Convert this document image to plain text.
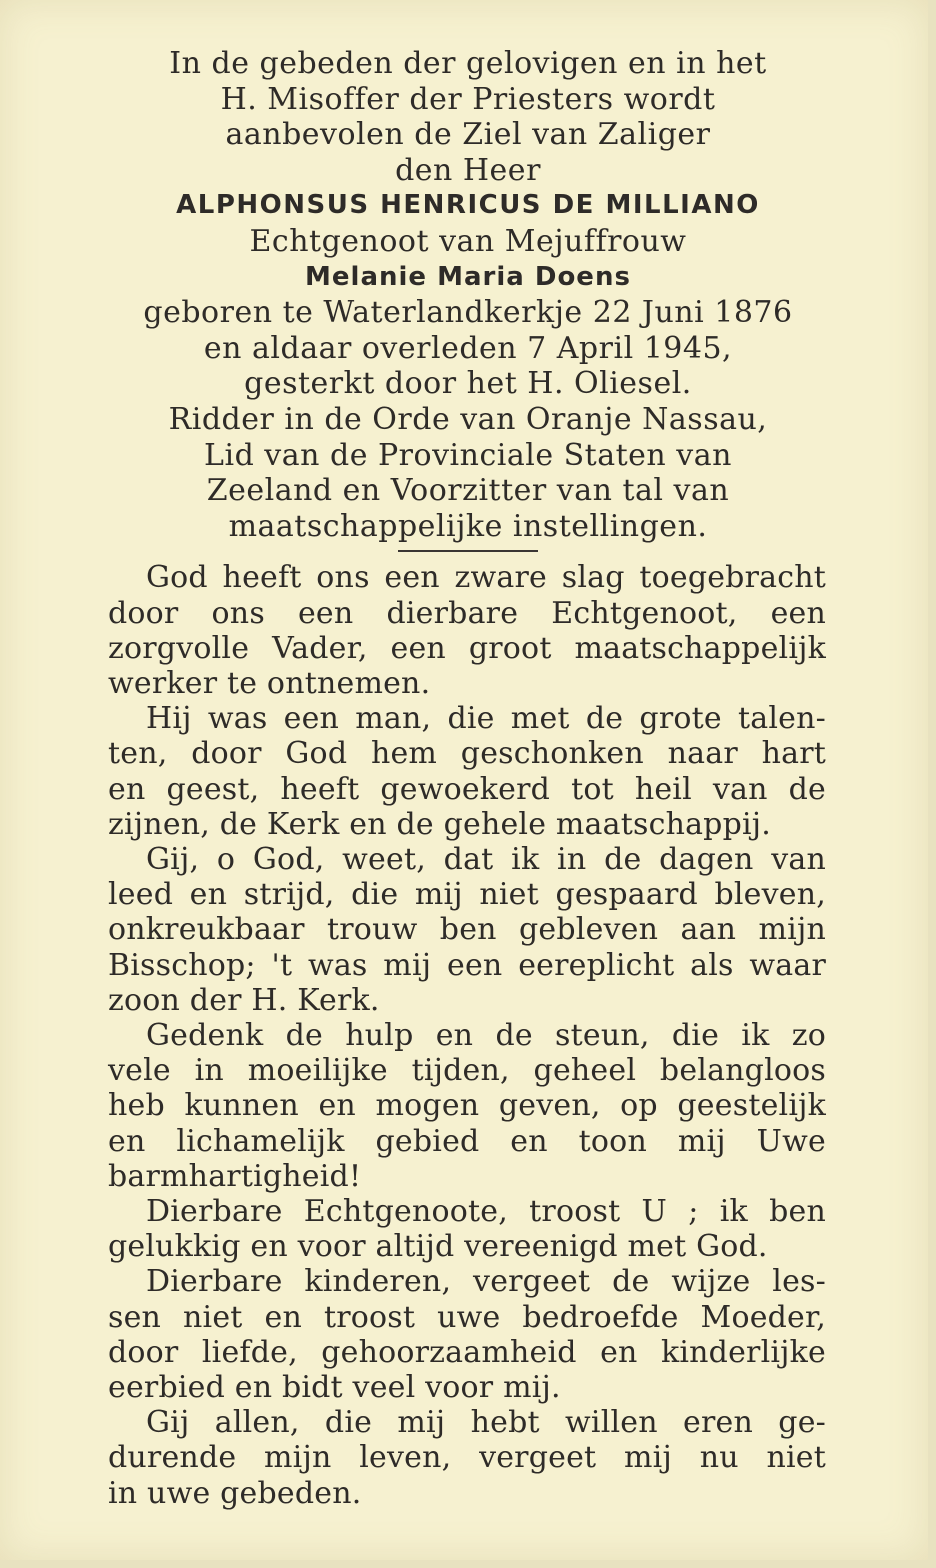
In de gebeden der gelovigen en in het
H. Misoffer der Priesters wordt
aanbevolen de Ziel van Zaliger
den Heer
ALPHONSUS HENRICUS DE MILLIANO
Echtgenoot van Mejuffrouw
Melanie Maria Doens
geboren te Waterlandkerkje 22 Juni 1876
en aldaar overleden 7 April 1945,
gesterkt door het H. Oliesel.
Ridder in de Orde van Oranje Nassau,
Lid van de Provinciale Staten van
Zeeland en Voorzitter van tal van
maatschappelijke instellingen.

God heeft ons een zware slag toegebracht
door ons een dierbare Echtgenoot, een
zorgvolle Vader, een groot maatschappelijk
werker te ontnemen.

Hij was een man, die met de grote talen-
ten, door God hem geschonken naar hart
en geest, heeft gewoekerd tot heil van de
zijnen, de Kerk en de gehele maatschappij.

Gij, o God, weet, dat ik in de dagen van
leed en strijd, die mij niet gespaard bleven,
onkreukbaar trouw ben gebleven aan mijn
Bisschop; 't was mij een eereplicht als waar
zoon der H. Kerk.

Gedenk de hulp en de steun, die ik zo
vele in moeilijke tijden, geheel belangloos
heb kunnen en mogen geven, op geestelijk
en lichamelijk gebied en toon mij Uwe
barmhartigheid!

Dierbare Echtgenoote, troost U ; ik ben
gelukkig en voor altijd vereenigd met God.

Dierbare kinderen, vergeet de wijze les-
sen niet en troost uwe bedroefde Moeder,
door liefde, gehoorzaamheid en kinderlijke
eerbied en bidt veel voor mij.

Gij allen, die mij hebt willen eren ge-
durende mijn leven, vergeet mij nu niet
in uwe gebeden.
